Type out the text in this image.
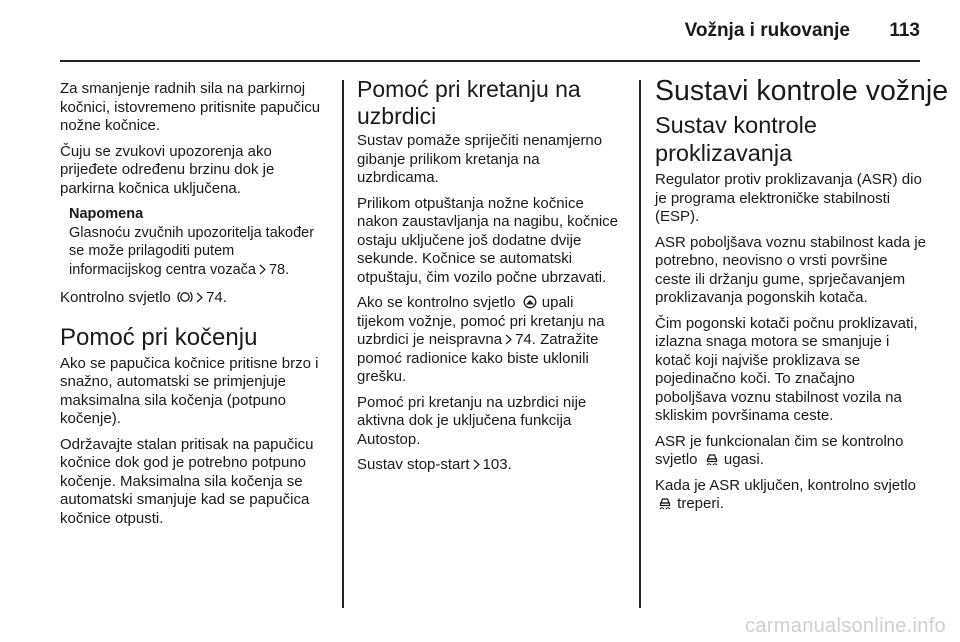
Vožnja i rukovanje	113

Za smanjenje radnih sila na parkirnoj kočnici, istovremeno pritisnite papučicu nožne kočnice.

Čuju se zvukovi upozorenja ako prijeđete određenu brzinu dok je parkirna kočnica uključena.

Napomena
Glasnoću zvučnih upozoritelja također se može prilagoditi putem informacijskog centra vozača 78.

Kontrolno svjetlo 74.

Pomoć pri kočenju

Ako se papučica kočnice pritisne brzo i snažno, automatski se primjenjuje maksimalna sila kočenja (potpuno kočenje).

Održavajte stalan pritisak na papučicu kočnice dok god je potrebno potpuno kočenje. Maksimalna sila kočenja se automatski smanjuje kad se papučica kočnice otpusti.

Pomoć pri kretanju na uzbrdici

Sustav pomaže spriječiti nenamjerno gibanje prilikom kretanja na uzbrdicama.

Prilikom otpuštanja nožne kočnice nakon zaustavljanja na nagibu, kočnice ostaju uključene još dodatne dvije sekunde. Kočnice se automatski otpuštaju, čim vozilo počne ubrzavati.

Ako se kontrolno svjetlo upali tijekom vožnje, pomoć pri kretanju na uzbrdici je neispravna 74. Zatražite pomoć radionice kako biste uklonili grešku.

Pomoć pri kretanju na uzbrdici nije aktivna dok je uključena funkcija Autostop.

Sustav stop-start 103.

Sustavi kontrole vožnje
Sustav kontrole proklizavanja

Regulator protiv proklizavanja (ASR) dio je programa elektroničke stabilnosti (ESP).

ASR poboljšava voznu stabilnost kada je potrebno, neovisno o vrsti površine ceste ili držanju gume, sprječavanjem proklizavanja pogonskih kotača.

Čim pogonski kotači počnu proklizavati, izlazna snaga motora se smanjuje i kotač koji najviše proklizava se pojedinačno koči. To značajno poboljšava voznu stabilnost vozila na skliskim površinama ceste.

ASR je funkcionalan čim se kontrolno svjetlo ugasi.

Kada je ASR uključen, kontrolno svjetlo  treperi.

carmanualsonline.info
